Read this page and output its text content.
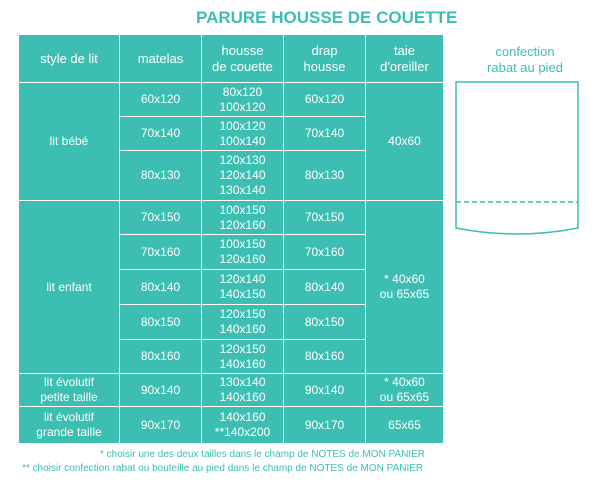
PARURE HOUSSE DE COUETTE
style de lit	matelas
housse
de couette
drap
housse
taie
d'oreiller
lit bébé
lit enfant
lit évolutif
petite taille
lit évolutif
grande taille
40x60
* 40x60
ou 65x65
* 40x60
ou 65x65
65x65
60x120
80x120
100x120
60x120
70x140
100x120
100x140
70x140
80x130
120x130
120x140
130x140
80x130
70x150
100x150
120x160
70x150
70x160
100x150
120x160
70x160
80x140
120x140
140x150
80x140
80x150
120x150
140x160
80x150
80x160
120x150
140x160
80x160
90x140
130x140
140x160
90x140
90x170
140x160
**140x200
90x170
* choisir une des deux tailles dans le champ de NOTES de MON PANIER
** choisir confection rabat ou bouteille au pied dans le champ de NOTES de MON PANIER
confection
rabat au pied
